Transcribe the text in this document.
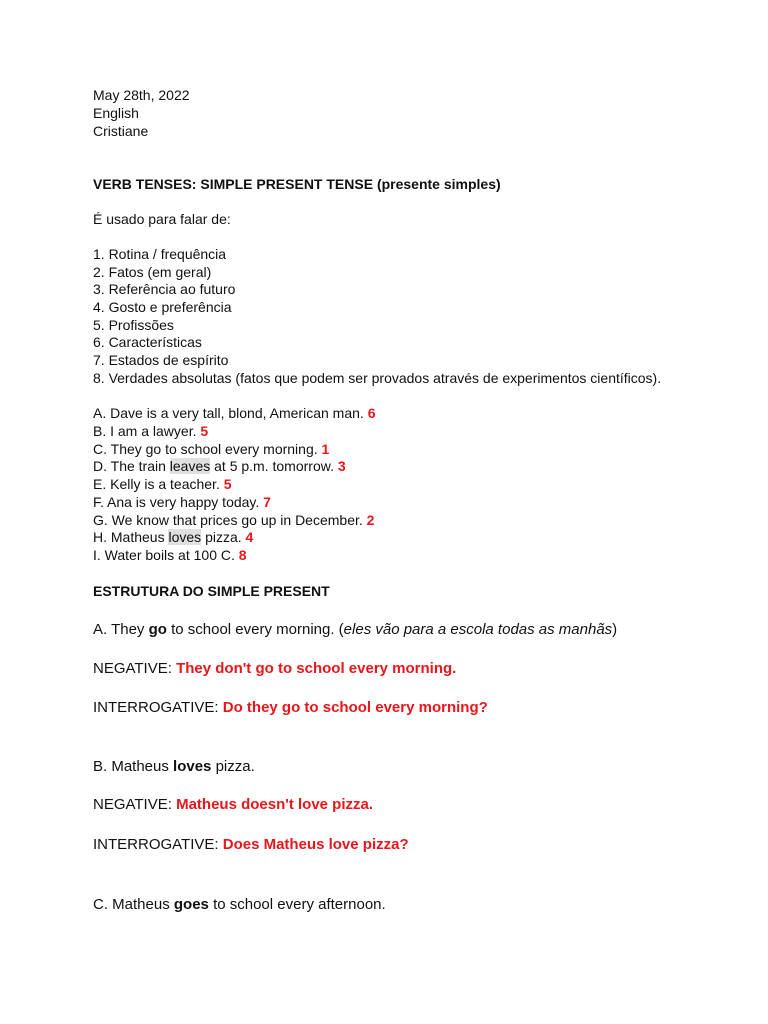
May 28th, 2022
English
Cristiane
VERB TENSES: SIMPLE PRESENT TENSE (presente simples)
É usado para falar de:
1. Rotina / frequência
2. Fatos (em geral)
3. Referência ao futuro
4. Gosto e preferência
5. Profissões
6. Características
7. Estados de espírito
8. Verdades absolutas (fatos que podem ser provados através de experimentos científicos).
A. Dave is a very tall, blond, American man. 6
B. I am a lawyer. 5
C. They go to school every morning. 1
D. The train leaves at 5 p.m. tomorrow. 3
E. Kelly is a teacher. 5
F. Ana is very happy today. 7
G. We know that prices go up in December. 2
H. Matheus loves pizza. 4
I. Water boils at 100 C. 8
ESTRUTURA DO SIMPLE PRESENT
A. They go to school every morning. (eles vão para a escola todas as manhãs)
NEGATIVE: They don't go to school every morning.
INTERROGATIVE: Do they go to school every morning?
B. Matheus loves pizza.
NEGATIVE: Matheus doesn't love pizza.
INTERROGATIVE: Does Matheus love pizza?
C. Matheus goes to school every afternoon.
